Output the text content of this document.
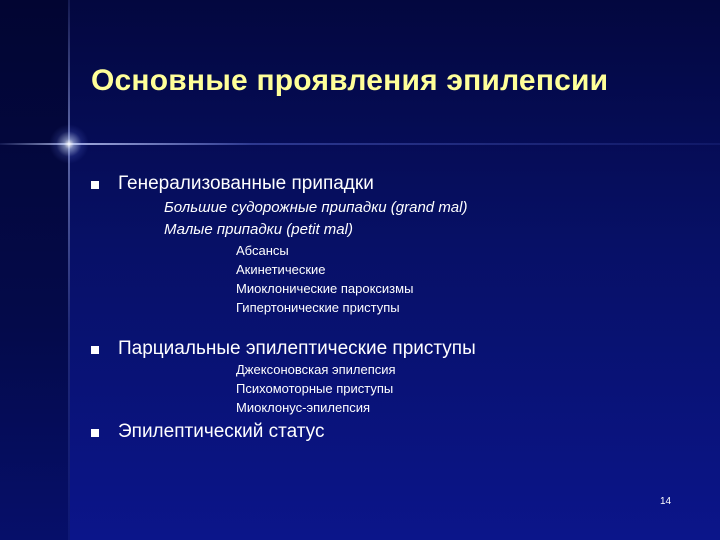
Основные проявления эпилепсии
Генерализованные припадки
Большие судорожные припадки (grand mal)
Малые припадки (petit mal)
Абсансы
Акинетические
Миоклонические пароксизмы
Гипертонические приступы
Парциальные эпилептические приступы
Джексоновская эпилепсия
Психомоторные приступы
Миоклонус-эпилепсия
Эпилептический статус
14
